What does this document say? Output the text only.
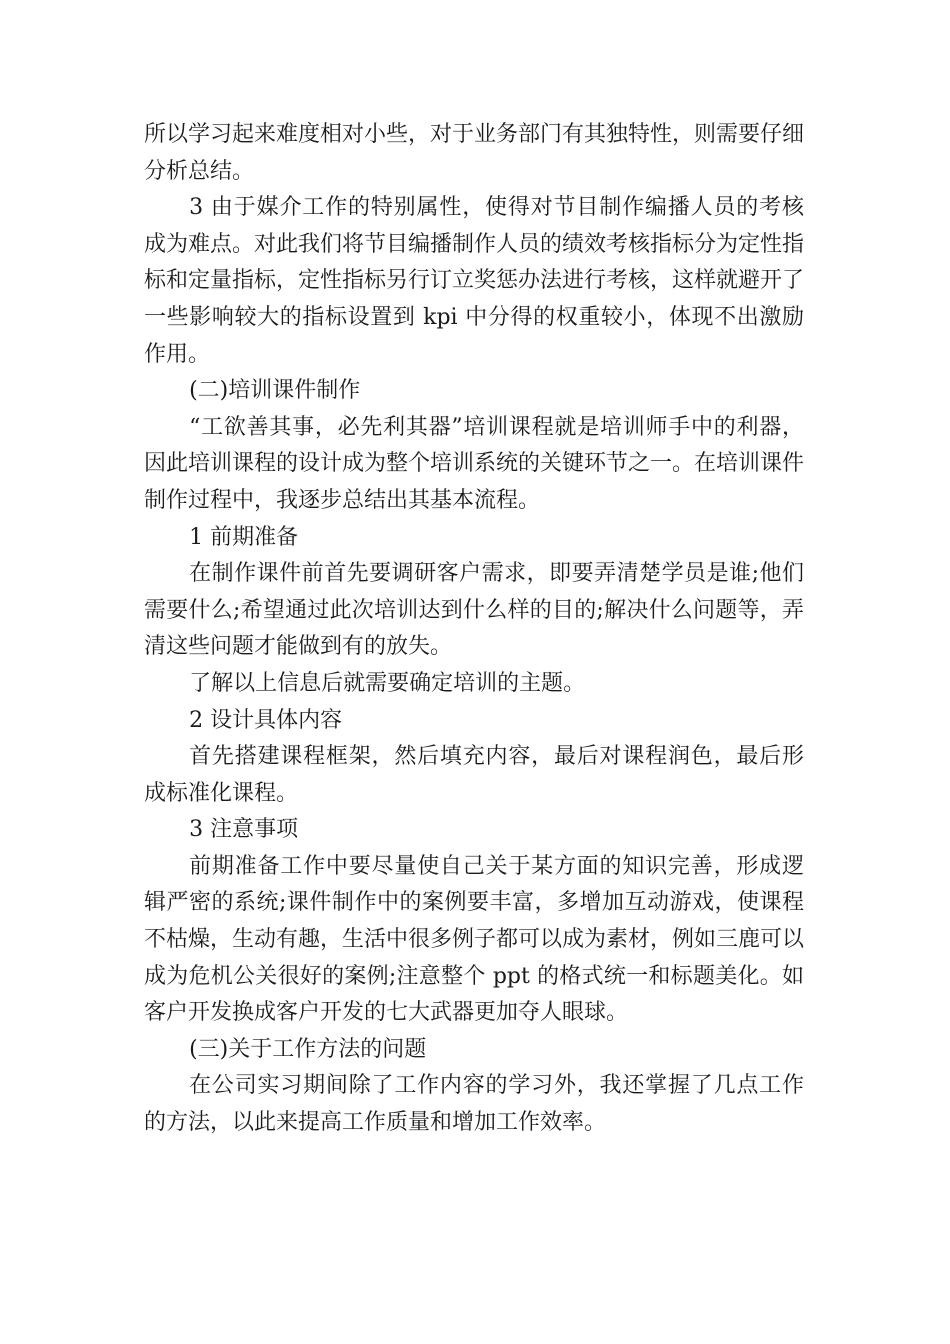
所以学习起来难度相对小些，对于业务部门有其独特性，则需要仔细分析总结。

3 由于媒介工作的特别属性，使得对节目制作编播人员的考核成为难点。对此我们将节目编播制作人员的绩效考核指标分为定性指标和定量指标，定性指标另行订立奖惩办法进行考核，这样就避开了一些影响较大的指标设置到 kpi 中分得的权重较小，体现不出激励作用。

(二)培训课件制作

“工欲善其事，必先利其器”培训课程就是培训师手中的利器，因此培训课程的设计成为整个培训系统的关键环节之一。在培训课件制作过程中，我逐步总结出其基本流程。

1 前期准备

在制作课件前首先要调研客户需求，即要弄清楚学员是谁;他们需要什么;希望通过此次培训达到什么样的目的;解决什么问题等，弄清这些问题才能做到有的放失。

了解以上信息后就需要确定培训的主题。

2 设计具体内容

首先搭建课程框架，然后填充内容，最后对课程润色，最后形成标准化课程。

3 注意事项

前期准备工作中要尽量使自己关于某方面的知识完善，形成逻辑严密的系统;课件制作中的案例要丰富，多增加互动游戏，使课程不枯燥，生动有趣，生活中很多例子都可以成为素材，例如三鹿可以成为危机公关很好的案例;注意整个 ppt 的格式统一和标题美化。如客户开发换成客户开发的七大武器更加夺人眼球。

(三)关于工作方法的问题

在公司实习期间除了工作内容的学习外，我还掌握了几点工作的方法，以此来提高工作质量和增加工作效率。
